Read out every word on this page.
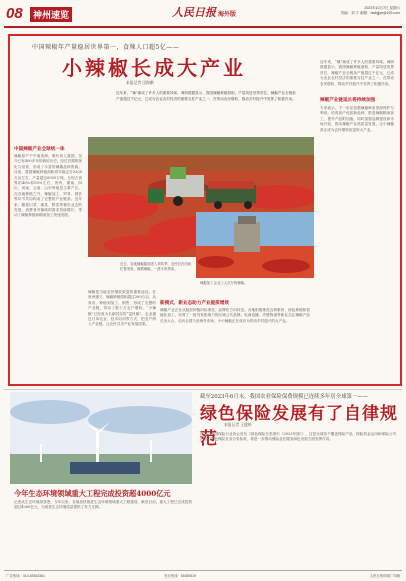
08	神州速览	人民日报 海外版
2023年10月7日 星期六
责编：刘 宁 邮箱：hwbjjjyb@163.com
中国辣椒年产量稳居世界第一，食辣人口超5亿——
小辣椒长成大产业
本报记者 田海鹏
近年来，“辣”渐成了许多人的重要风味。调研数据显示，我国辣椒种植面积、产量均居世界首位，辣椒产业全链条产值超过千亿元，已成为农业农村经济的重要支柱产业之一，在带动农民增收、推动乡村振兴中发挥了积极作用。
中国辣椒产业全球统一体
辣椒原产于中南美洲，明代传入我国，至今已有400多年的栽培历史。经过长期的演化与培育，形成了丰富的辣椒品种资源。目前，我国辣椒种植面积常年稳定在3200万亩左右，产量超过6000万吨，分别占世界的40%和50%左右，贵州、湖南、四川、河南、云南、山东等地是主要产区。在各地种植之外，辣椒加工、贸易、餐饮等环节共同构成了完整的产业链条。近年来，随着川菜、湘菜、黔菜等餐饮业态的发展，消费者对辣味的需求持续增长，带动了辣椒种植和精深加工快速发展。
近日，各地辣椒陆续进入采收季，农民们在田间忙着采收、晾晒辣椒，一派丰收景象。
辣椒加工企业工人在分拣辣椒。
辣椒是当地农民增收致富的重要途径。在贵州遵义，辣椒种植面积超过200万亩，从育苗、种植到加工、销售，形成了完整的产业链，带动了数十万农户增收。“小辣椒”已经成为名副其实的“富民椒”。企业通过订单农业、技术培训等方式，把农户纳入产业链，让农民共享产业发展成果。
新模式、新业态助力产业提质增效
辣椒产业正在从粗放种植向标准化、品牌化方向转变。各地积极推进良种繁育、绿色种植和智能化加工，培育了一批具有影响力的区域公共品牌。电商直播、冷链物流等新业态让辣椒产品走出大山、走向全国乃至海外市场，小小辣椒正在成长为带动乡村振兴的大产业。
辣椒产业链延长将持续加强
近年来，“辣”渐成了许多人的重要风味。调研数据显示，我国辣椒种植面积、产量均居世界首位，辣椒产业全链条产值超过千亿元，已成为农业农村经济的重要支柱产业之一，在带动农民增收、推动乡村振兴中发挥了积极作用。
专家表示，下一步应加强辣椒种质资源保护与利用，培育高产优质新品种，推进辣椒精深加工，提升产品附加值。同时加强品牌建设和市场开拓，推动辣椒产业高质量发展，让小辣椒真正成为农民增收致富的大产业。
今年生态环境领域重大工程完成投资超4000亿元
记者从生态环境部获悉，今年以来，各地加快推进生态环境领域重大工程建设，截至目前，重大工程已完成投资超过4000亿元，为改善生态环境质量提供了有力支撑。
截至2023年6月末，我国农业保险保费规模已连续多年居全球第一——
绿色保险发展有了自律规范
本报记者 王俊岭
近日，中国保险行业协会发布《绿色保险分类指引（2023年版）》，这是全球首个覆盖保险产品、保险资金运用和保险公司运营的绿色保险业务分类标准，将进一步推动保险业在服务绿色发展方面发挥作用。
广告热线：010-65363361	发行热线：65369319	人民日报印刷厂印刷
